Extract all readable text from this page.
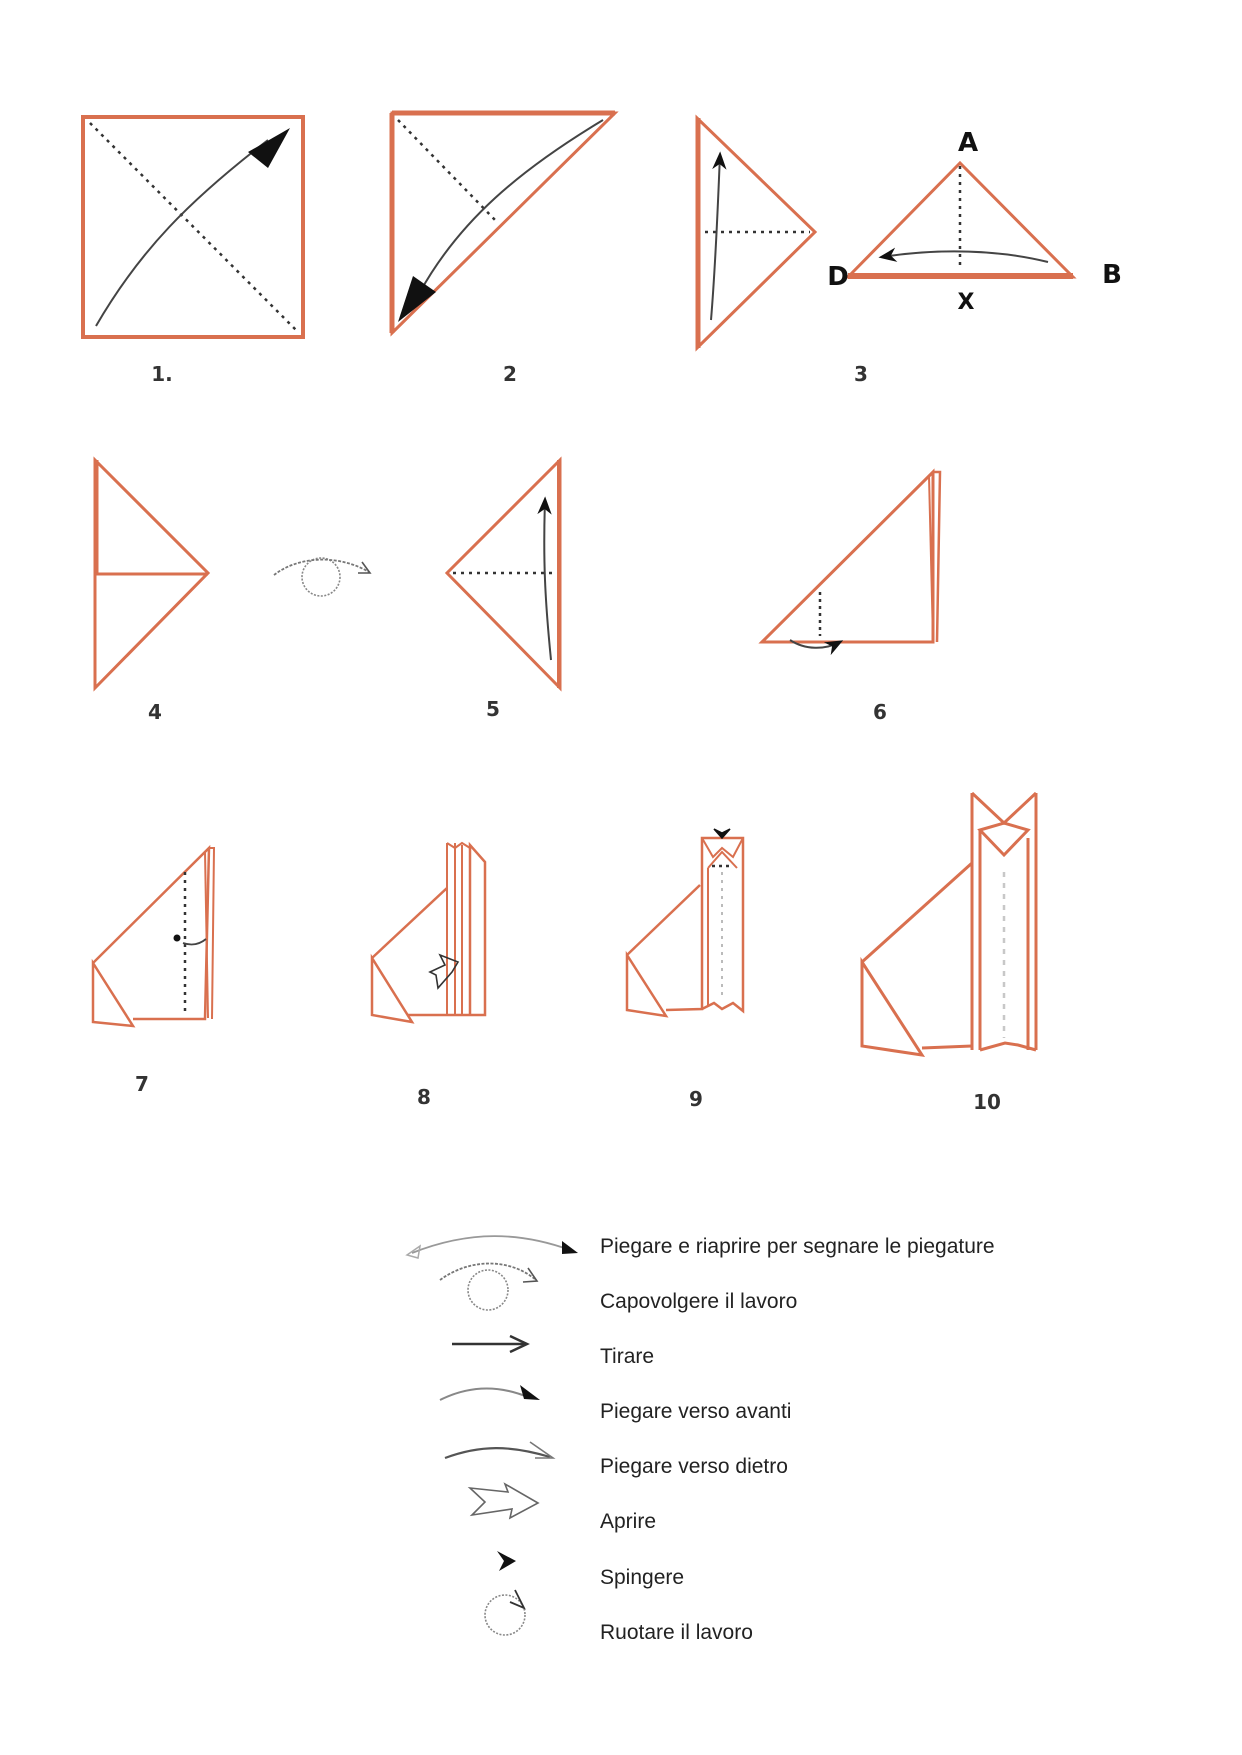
1.	2	3
4	5	6
7
8	9	10
A
D	B
X
Piegare e riaprire per segnare le piegature
Capovolgere il lavoro
Tirare
Piegare verso avanti
Piegare verso dietro
Aprire
Spingere
Ruotare il lavoro
